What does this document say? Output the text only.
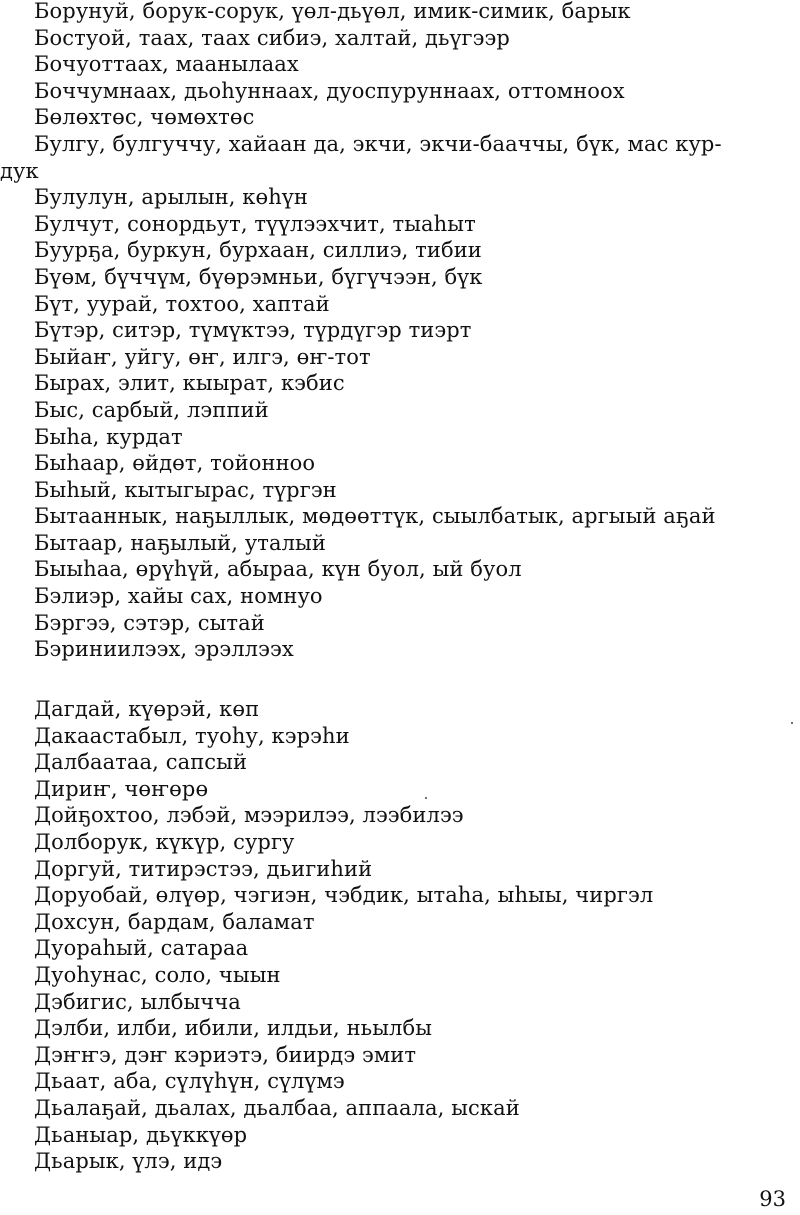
Борунуй, борук-сорук, үөл-дьүөл, имик-симик, барык
Бостуой, таах, таах сибиэ, халтай, дьүгээр
Бочуоттаах, маанылаах
Боччумнаах, дьоһуннаах, дуоспуруннаах, оттомноох
Бөлөхтөс, чөмөхтөс
Булгу, булгуччу, хайаан да, экчи, экчи-бааччы, бүк, мас кур-
дук
Булулун, арылын, көһүн
Булчут, сонордьут, түүлээхчит, тыаһыт
Буурҕа, буркун, бурхаан, силлиэ, тибии
Бүөм, бүччүм, бүөрэмньи, бүгүчээн, бүк
Бүт, уурай, тохтоо, хаптай
Бүтэр, ситэр, түмүктээ, түрдүгэр тиэрт
Быйаҥ, уйгу, өҥ, илгэ, өҥ-тот
Бырах, элит, кыырат, кэбис
Быс, сарбый, лэппий
Быһа, курдат
Быһаар, өйдөт, тойонноо
Быһый, кытыгырас, түргэн
Бытааннык, наҕыллык, мөдөөттүк, сыылбатык, аргыый аҕай
Бытаар, наҕылый, уталый
Быыһаа, өрүһүй, абыраа, күн буол, ый буол
Бэлиэр, хайы сах, номнуо
Бэргээ, сэтэр, сытай
Бэриниилээх, эрэллээх
Дагдай, күөрэй, көп
Дакаастабыл, туоһу, кэрэһи
Далбаатаа, сапсый
Дириҥ, чөҥөрө
Дойҕохтоо, лэбэй, мээрилээ, лээбилээ
Долборук, күкүр, сургу
Доргуй, титирэстээ, дьигиһий
Доруобай, өлүөр, чэгиэн, чэбдик, ытаһа, ыһыы, чиргэл
Дохсун, бардам, баламат
Дуораһый, сатараа
Дуоһунас, соло, чыын
Дэбигис, ылбычча
Дэлби, илби, ибили, илдьи, ньылбы
Дэҥҥэ, дэҥ кэриэтэ, биирдэ эмит
Дьаат, аба, сүлүһүн, сүлүмэ
Дьалаҕай, дьалах, дьалбаа, аппаала, ыскай
Дьаныар, дьүккүөр
Дьарык, үлэ, идэ
93
